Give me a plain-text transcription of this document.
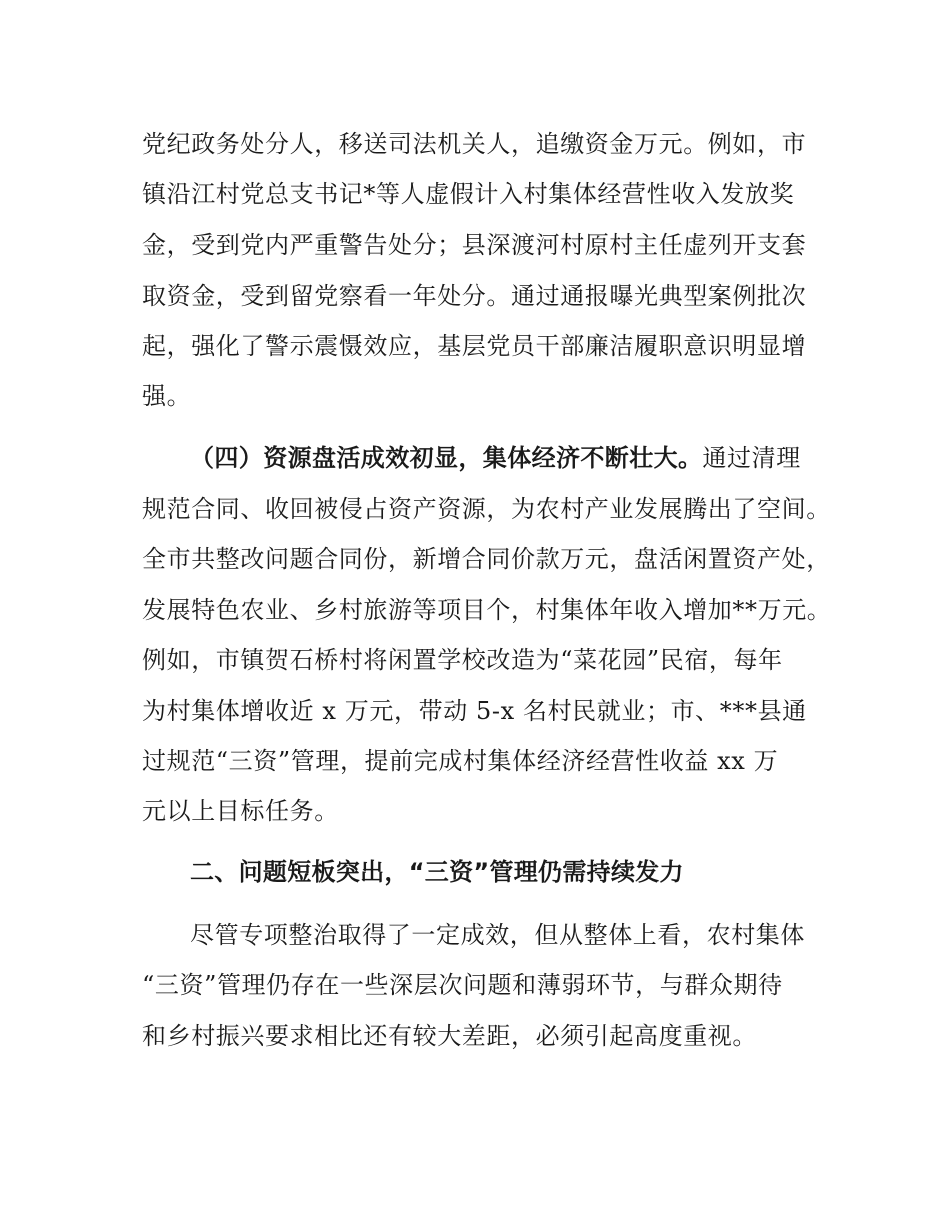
党纪政务处分人，移送司法机关人，追缴资金万元。例如，市
镇沿江村党总支书记*等人虚假计入村集体经营性收入发放奖
金，受到党内严重警告处分；县深渡河村原村主任虚列开支套
取资金，受到留党察看一年处分。通过通报曝光典型案例批次
起，强化了警示震慑效应，基层党员干部廉洁履职意识明显增
强。
（四）资源盘活成效初显，集体经济不断壮大。通过清理
规范合同、收回被侵占资产资源，为农村产业发展腾出了空间。
全市共整改问题合同份，新增合同价款万元，盘活闲置资产处，
发展特色农业、乡村旅游等项目个，村集体年收入增加**万元。
例如，市镇贺石桥村将闲置学校改造为“菜花园”民宿，每年
为村集体增收近 x 万元，带动 5-x 名村民就业；市、***县通
过规范“三资”管理，提前完成村集体经济经营性收益 xx 万
元以上目标任务。
二、问题短板突出，“三资”管理仍需持续发力
尽管专项整治取得了一定成效，但从整体上看，农村集体
“三资”管理仍存在一些深层次问题和薄弱环节，与群众期待
和乡村振兴要求相比还有较大差距，必须引起高度重视。
